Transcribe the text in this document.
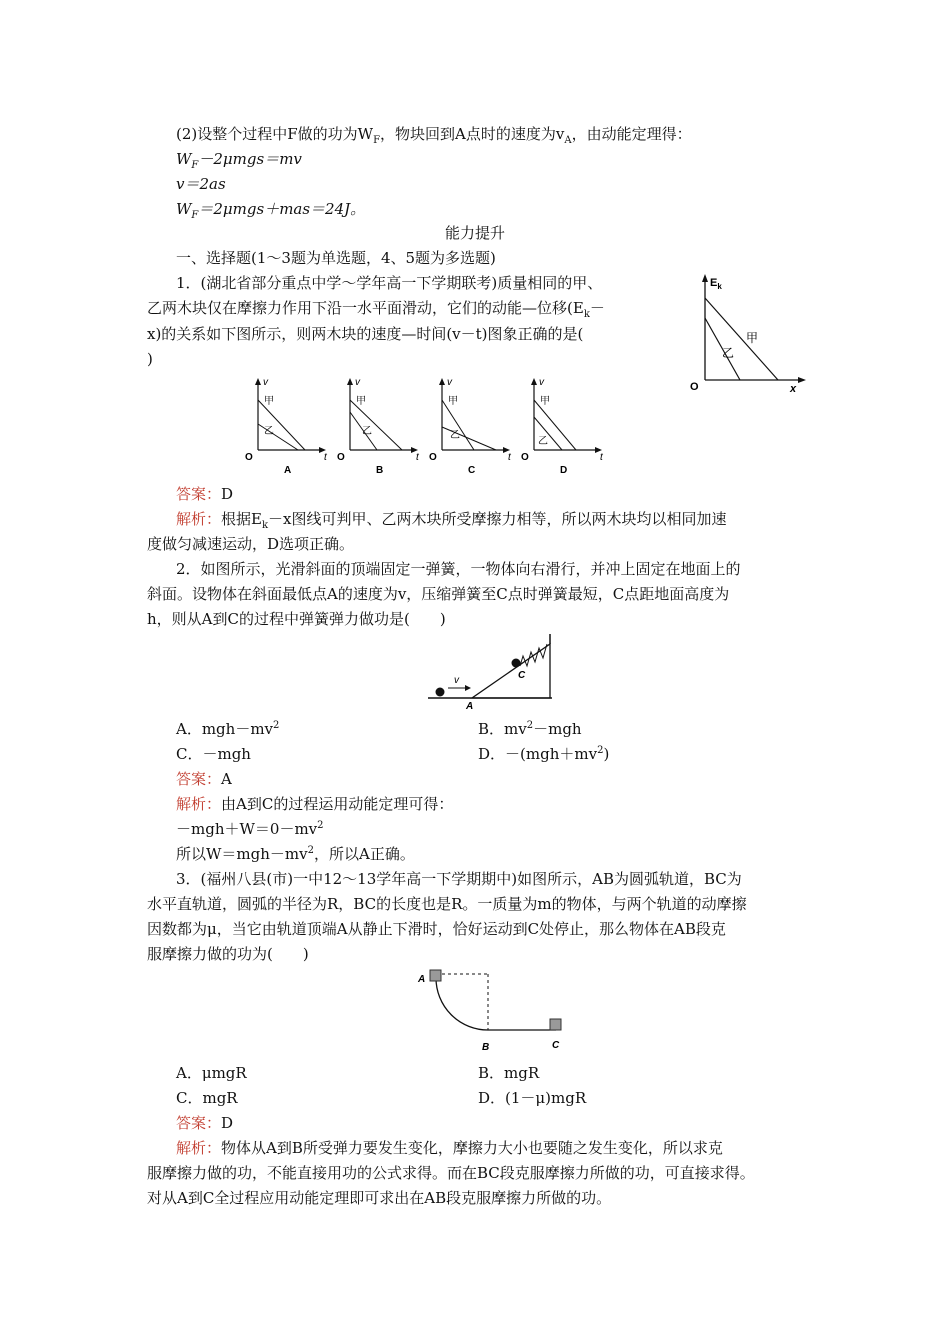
(2)设整个过程中F做的功为$W_F$，物块回到A点时的速度为$v_A$，由动能定理得：
$W_F-2\mu mgs=mv$
v＝2as
$W_F=2\mu mgs+mas=24J$。
能力提升
一、选择题(1～3题为单选题，4、5题为多选题)
1．(湖北省部分重点中学～学年高一下学期联考)质量相同的甲、
乙两木块仅在摩擦力作用下沿一水平面滑动，它们的动能—位移($E_k-$
x)的关系如下图所示，则两木块的速度—时间(v－t)图象正确的是(
)
$E_k$
x
O
甲
乙
v
t
O
甲
乙
A
v
t
O
甲
乙
B
v
t
O
甲
乙
C
v
t
O
甲
乙
D
答案：D
解析：根据$E_k-x$图线可判甲、乙两木块所受摩擦力相等，所以两木块均以相同加速
度做匀减速运动，D选项正确。
2．如图所示，光滑斜面的顶端固定一弹簧，一物体向右滑行，并冲上固定在地面上的
斜面。设物体在斜面最低点A的速度为v，压缩弹簧至C点时弹簧最短，C点距地面高度为
h，则从A到C的过程中弹簧弹力做功是(　　)
v
A
C
A．$mgh-mv^2$	B．$mv^2-mgh$
C．－mgh	D．$-(mgh+mv^2)$
答案：A
解析：由A到C的过程运用动能定理可得：
$-mgh+W=0-mv^2$
所以$W=mgh-mv^2$，所以A正确。
3．(福州八县(市)一中12～13学年高一下学期期中)如图所示，AB为圆弧轨道，BC为
水平直轨道，圆弧的半径为R，BC的长度也是R。一质量为m的物体，与两个轨道的动摩擦
因数都为μ，当它由轨道顶端A从静止下滑时，恰好运动到C处停止，那么物体在AB段克
服摩擦力做的功为(　　)
A
B	C
A．μmgR	B．mgR
C．mgR	D．(1－μ)mgR
答案：D
解析：物体从A到B所受弹力要发生变化，摩擦力大小也要随之发生变化，所以求克
服摩擦力做的功，不能直接用功的公式求得。而在BC段克服摩擦力所做的功，可直接求得。
对从A到C全过程应用动能定理即可求出在AB段克服摩擦力所做的功。
